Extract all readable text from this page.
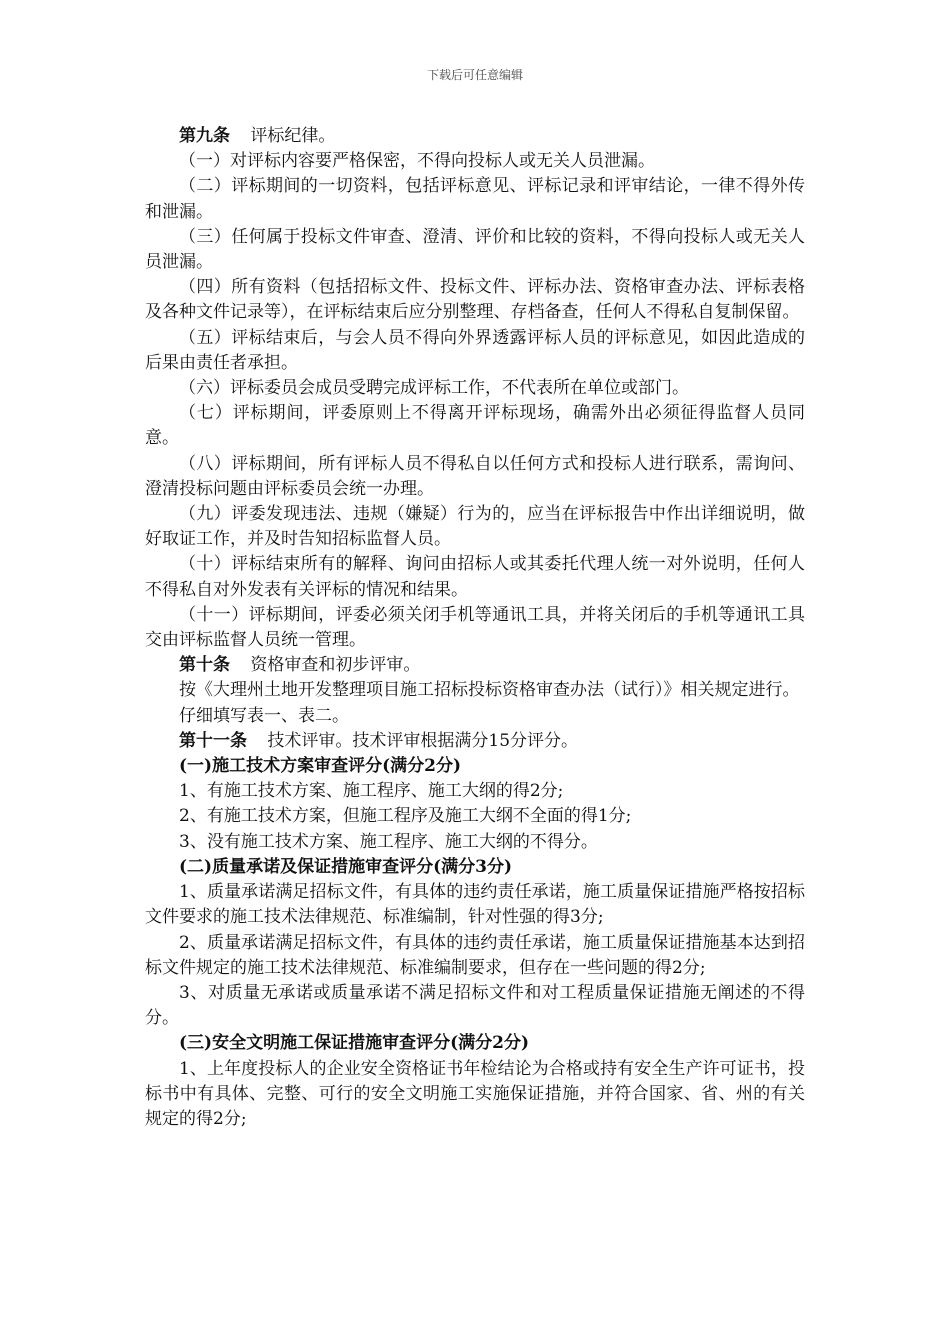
下载后可任意编辑

第九条 评标纪律。

（一）对评标内容要严格保密，不得向投标人或无关人员泄漏。

（二）评标期间的一切资料，包括评标意见、评标记录和评审结论，一律不得外传和泄漏。

（三）任何属于投标文件审查、澄清、评价和比较的资料，不得向投标人或无关人员泄漏。

（四）所有资料（包括招标文件、投标文件、评标办法、资格审查办法、评标表格及各种文件记录等），在评标结束后应分别整理、存档备查，任何人不得私自复制保留。

（五）评标结束后，与会人员不得向外界透露评标人员的评标意见，如因此造成的后果由责任者承担。

（六）评标委员会成员受聘完成评标工作，不代表所在单位或部门。

（七）评标期间，评委原则上不得离开评标现场，确需外出必须征得监督人员同意。

（八）评标期间，所有评标人员不得私自以任何方式和投标人进行联系，需询问、澄清投标问题由评标委员会统一办理。

（九）评委发现违法、违规（嫌疑）行为的，应当在评标报告中作出详细说明，做好取证工作，并及时告知招标监督人员。

（十）评标结束所有的解释、询问由招标人或其委托代理人统一对外说明，任何人不得私自对外发表有关评标的情况和结果。

（十一）评标期间，评委必须关闭手机等通讯工具，并将关闭后的手机等通讯工具交由评标监督人员统一管理。

第十条 资格审查和初步评审。

按《大理州土地开发整理项目施工招标投标资格审查办法（试行）》相关规定进行。

仔细填写表一、表二。

第十一条 技术评审。技术评审根据满分15分评分。

(一)施工技术方案审查评分(满分2分)

1、有施工技术方案、施工程序、施工大纲的得2分;

2、有施工技术方案，但施工程序及施工大纲不全面的得1分;

3、没有施工技术方案、施工程序、施工大纲的不得分。

(二)质量承诺及保证措施审查评分(满分3分)

1、质量承诺满足招标文件，有具体的违约责任承诺，施工质量保证措施严格按招标文件要求的施工技术法律规范、标准编制，针对性强的得3分;

2、质量承诺满足招标文件，有具体的违约责任承诺，施工质量保证措施基本达到招标文件规定的施工技术法律规范、标准编制要求，但存在一些问题的得2分;

3、对质量无承诺或质量承诺不满足招标文件和对工程质量保证措施无阐述的不得分。

(三)安全文明施工保证措施审查评分(满分2分)

1、上年度投标人的企业安全资格证书年检结论为合格或持有安全生产许可证书，投标书中有具体、完整、可行的安全文明施工实施保证措施，并符合国家、省、州的有关规定的得2分;
